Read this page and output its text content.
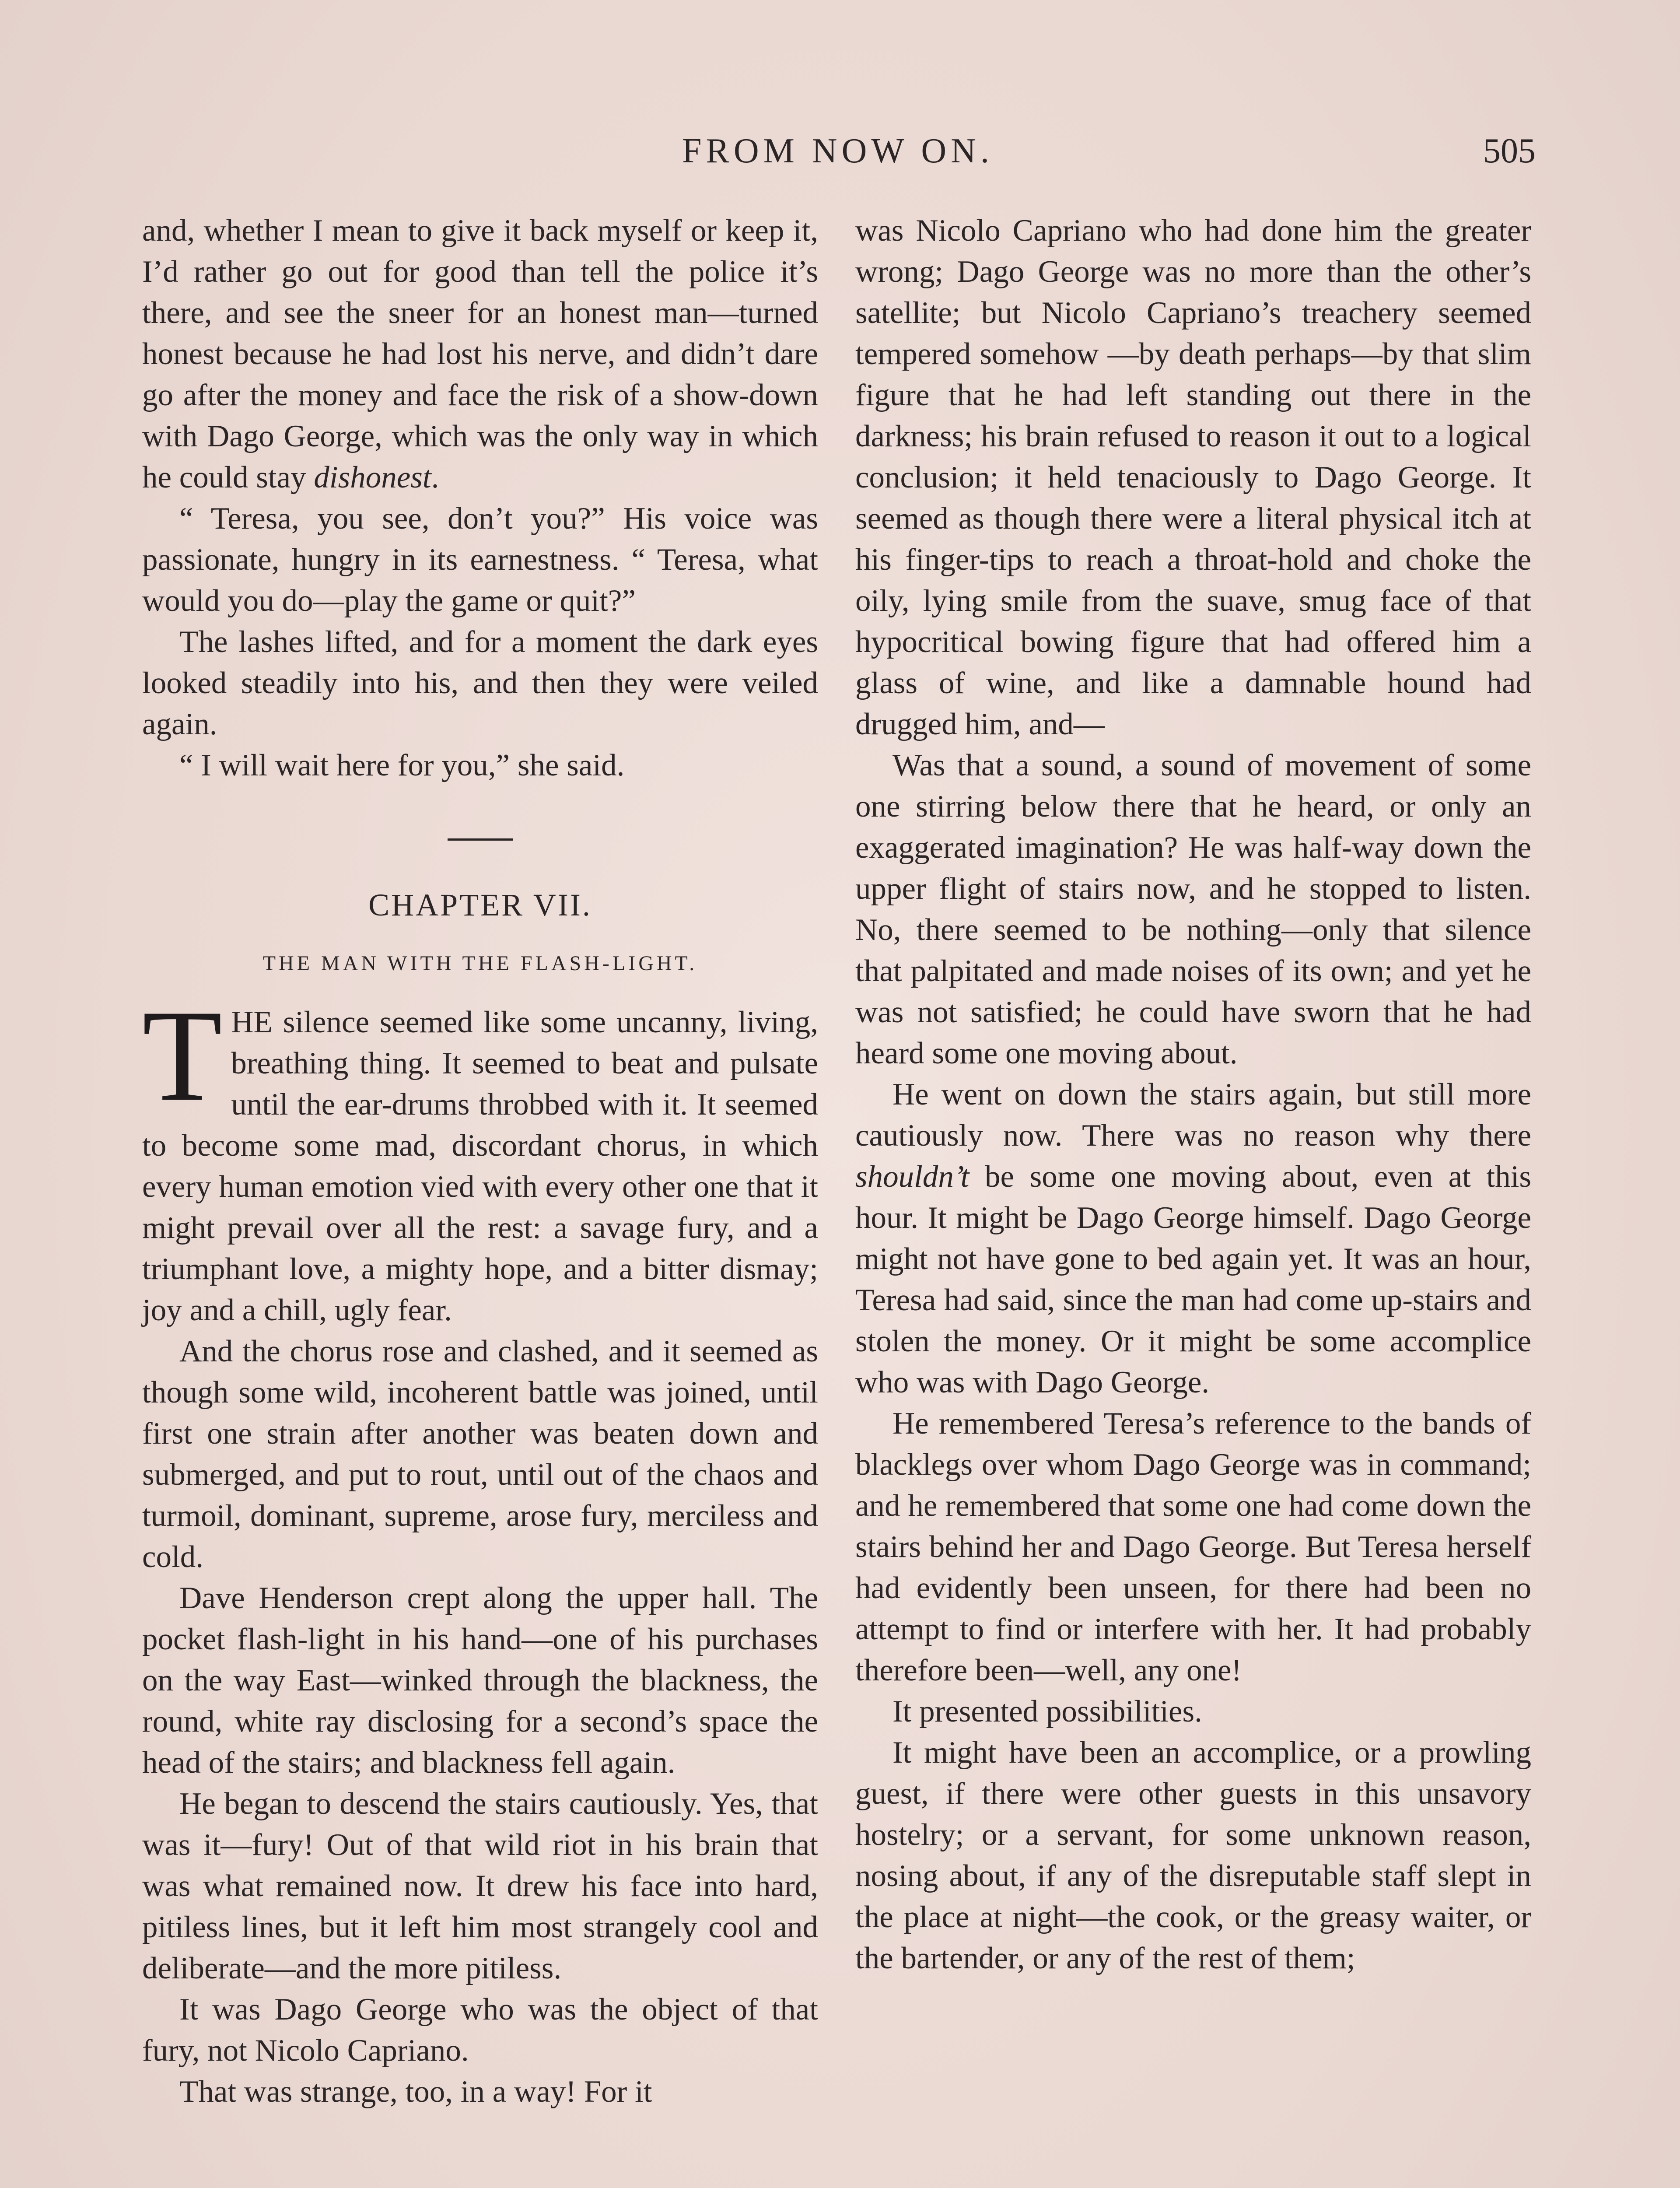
FROM NOW ON.	505

and, whether I mean to give it back myself or keep it, I’d rather go out for good than tell the police it’s there, and see the sneer for an honest man—turned honest because he had lost his nerve, and didn’t dare go after the money and face the risk of a show-down with Dago George, which was the only way in which he could stay dishonest.

“ Teresa, you see, don’t you?” His voice was passionate, hungry in its earnestness. “ Teresa, what would you do—play the game or quit?”

The lashes lifted, and for a moment the dark eyes looked steadily into his, and then they were veiled again.

“ I will wait here for you,” she said.

CHAPTER VII.
THE MAN WITH THE FLASH-LIGHT.

THE silence seemed like some uncanny, living, breathing thing. It seemed to beat and pulsate until the ear-drums throbbed with it. It seemed to become some mad, discordant chorus, in which every human emotion vied with every other one that it might prevail over all the rest: a savage fury, and a triumphant love, a mighty hope, and a bitter dismay; joy and a chill, ugly fear.

And the chorus rose and clashed, and it seemed as though some wild, incoherent battle was joined, until first one strain after another was beaten down and submerged, and put to rout, until out of the chaos and turmoil, dominant, supreme, arose fury, merciless and cold.

Dave Henderson crept along the upper hall. The pocket flash-light in his hand—one of his purchases on the way East—winked through the blackness, the round, white ray disclosing for a second’s space the head of the stairs; and blackness fell again.

He began to descend the stairs cautiously. Yes, that was it—fury! Out of that wild riot in his brain that was what remained now. It drew his face into hard, pitiless lines, but it left him most strangely cool and deliberate—and the more pitiless.

It was Dago George who was the object of that fury, not Nicolo Capriano.

That was strange, too, in a way! For it

was Nicolo Capriano who had done him the greater wrong; Dago George was no more than the other’s satellite; but Nicolo Capriano’s treachery seemed tempered somehow —by death perhaps—by that slim figure that he had left standing out there in the darkness; his brain refused to reason it out to a logical conclusion; it held tenaciously to Dago George. It seemed as though there were a literal physical itch at his finger-tips to reach a throat-hold and choke the oily, lying smile from the suave, smug face of that hypocritical bowing figure that had offered him a glass of wine, and like a damnable hound had drugged him, and—

Was that a sound, a sound of movement of some one stirring below there that he heard, or only an exaggerated imagination? He was half-way down the upper flight of stairs now, and he stopped to listen. No, there seemed to be nothing—only that silence that palpitated and made noises of its own; and yet he was not satisfied; he could have sworn that he had heard some one moving about.

He went on down the stairs again, but still more cautiously now. There was no reason why there shouldn’t be some one moving about, even at this hour. It might be Dago George himself. Dago George might not have gone to bed again yet. It was an hour, Teresa had said, since the man had come up-stairs and stolen the money. Or it might be some accomplice who was with Dago George.

He remembered Teresa’s reference to the bands of blacklegs over whom Dago George was in command; and he remembered that some one had come down the stairs behind her and Dago George. But Teresa herself had evidently been unseen, for there had been no attempt to find or interfere with her. It had probably therefore been—well, any one!

It presented possibilities.

It might have been an accomplice, or a prowling guest, if there were other guests in this unsavory hostelry; or a servant, for some unknown reason, nosing about, if any of the disreputable staff slept in the place at night—the cook, or the greasy waiter, or the bartender, or any of the rest of them;
